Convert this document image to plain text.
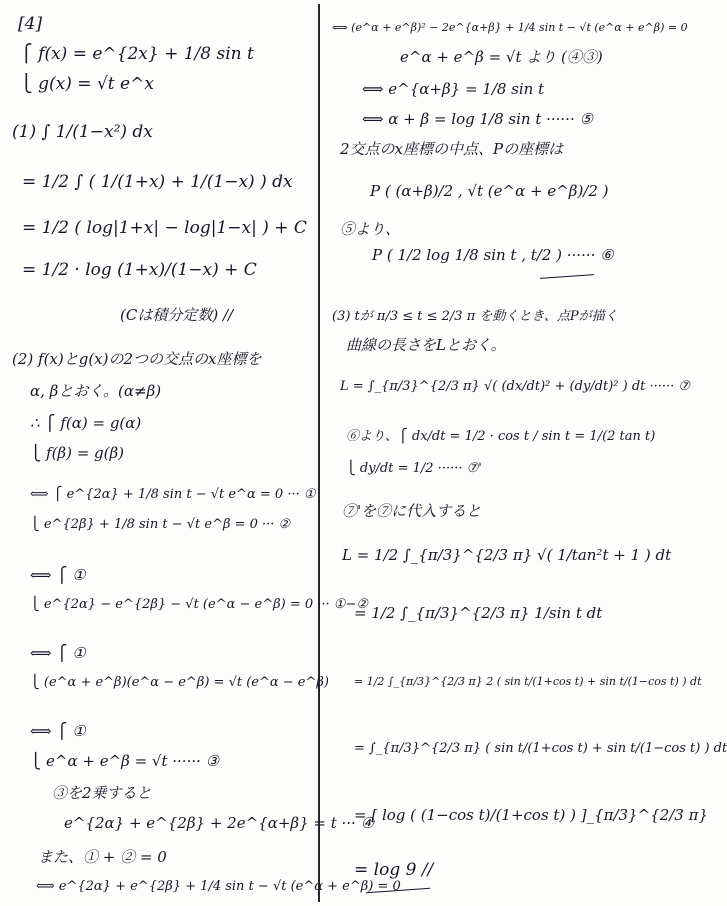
[4]
⎧ f(x) = e^{2x} + 1/8 sin t
⎩ g(x) = √t e^x
(1) ∫ 1/(1−x²) dx
= 1/2 ∫ ( 1/(1+x) + 1/(1−x) ) dx
= 1/2 ( log|1+x| − log|1−x| ) + C
= 1/2 · log (1+x)/(1−x) + C
(Cは積分定数) //
(2) f(x)とg(x)の2つの交点のx座標を
α, βとおく。(α≠β)
∴ ⎧ f(α) = g(α)
⎩ f(β) = g(β)
⟺ ⎧ e^{2α} + 1/8 sin t − √t e^α = 0 ··· ①
⎩ e^{2β} + 1/8 sin t − √t e^β = 0 ··· ②
⟺ ⎧ ①
⎩ e^{2α} − e^{2β} − √t (e^α − e^β) = 0 ··· ①−②
⟺ ⎧ ①
⎩ (e^α + e^β)(e^α − e^β) = √t (e^α − e^β)
⟺ ⎧ ①
⎩ e^α + e^β = √t ······ ③
③を2乗すると
e^{2α} + e^{2β} + 2e^{α+β} = t ··· ④
また、① + ② = 0
⟺ e^{2α} + e^{2β} + 1/4 sin t − √t (e^α + e^β) = 0
⟺ (e^α + e^β)² − 2e^{α+β} + 1/4 sin t − √t (e^α + e^β) = 0
e^α + e^β = √t より (④③)
⟺ e^{α+β} = 1/8 sin t
⟺ α + β = log 1/8 sin t ······ ⑤
2交点のx座標の中点、Pの座標は
P ( (α+β)/2 , √t (e^α + e^β)/2 )
⑤より、
P ( 1/2 log 1/8 sin t , t/2 ) ······ ⑥
(3) tが π/3 ≤ t ≤ 2/3 π を動くとき、点Pが描く
曲線の長さをLとおく。
L = ∫_{π/3}^{2/3 π} √( (dx/dt)² + (dy/dt)² ) dt ······ ⑦
⑥より、⎧ dx/dt = 1/2 · cos t / sin t = 1/(2 tan t)
⎩ dy/dt = 1/2 ······ ⑦'
⑦'を⑦に代入すると
L = 1/2 ∫_{π/3}^{2/3 π} √( 1/tan²t + 1 ) dt
= 1/2 ∫_{π/3}^{2/3 π} 1/sin t dt
= 1/2 ∫_{π/3}^{2/3 π} 2 ( sin t/(1+cos t) + sin t/(1−cos t) ) dt
= ∫_{π/3}^{2/3 π} ( sin t/(1+cos t) + sin t/(1−cos t) ) dt
= [ log ( (1−cos t)/(1+cos t) ) ]_{π/3}^{2/3 π}
= log 9 //
